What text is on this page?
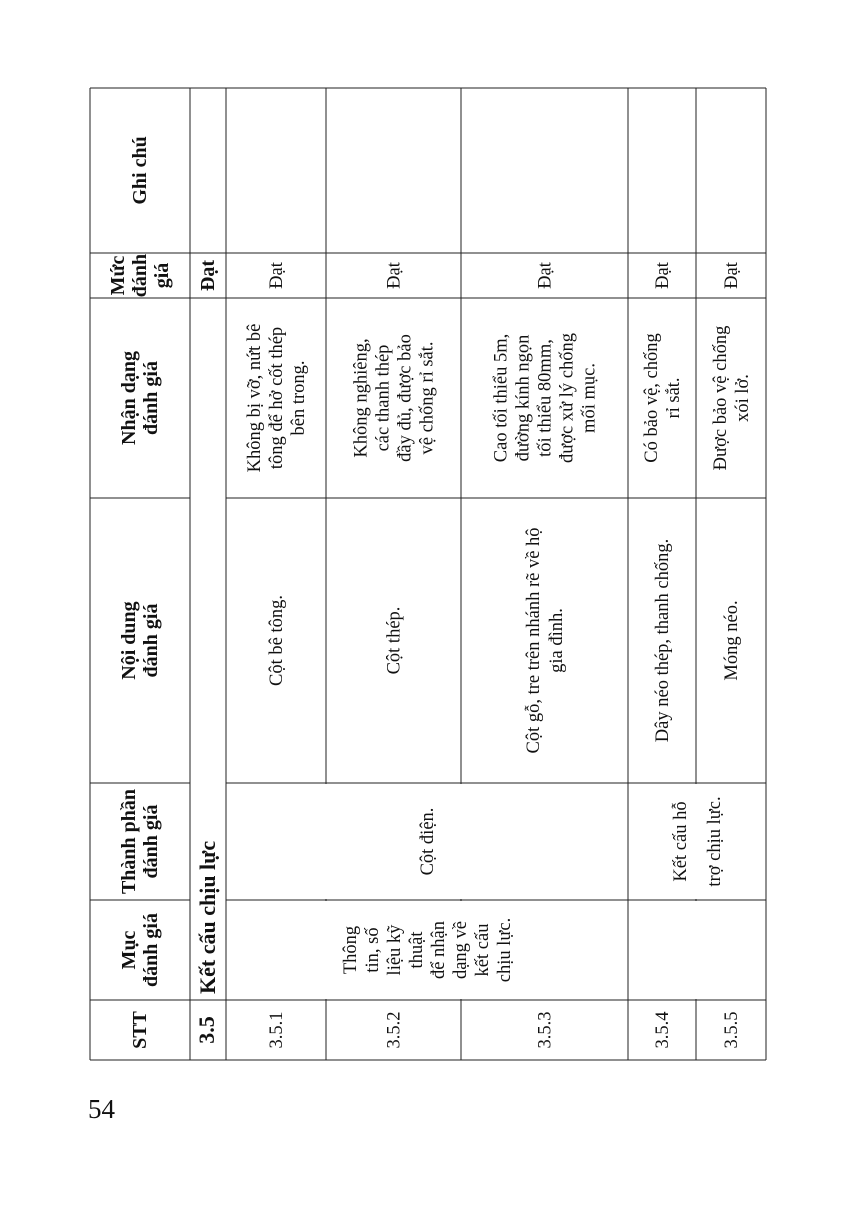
54
STT
Mục đánh giá
Thành phần đánh giá
Nội dung đánh giá
Nhận dạng đánh giá
Mức đánh giá
Ghi chú
3.5
Kết cấu chịu lực
Đạt
3.5.1
Cột bê tông.
Không bị vỡ, nứt bê tông để hở cốt thép bên trong.
Đạt
3.5.2
Cột thép.
Không nghiêng, các thanh thép đầy đủ, được bảo vệ chống rỉ sắt.
Đạt
3.5.3
Cột gỗ, tre trên nhánh rẽ về hộ gia đình.
Cao tối thiểu 5m, đường kính ngọn tối thiểu 80mm, được xử lý chống mối mục.
Đạt
3.5.4
Dây néo thép, thanh chống.
Có bảo vệ, chống rỉ sắt.
Đạt
3.5.5
Móng néo.
Được bảo vệ chống xói lở.
Đạt
Thông tin, số liệu kỹ thuật để nhận dạng về kết cấu chịu lực.
Cột điện.	Kết cấu hỗ trợ chịu lực.
